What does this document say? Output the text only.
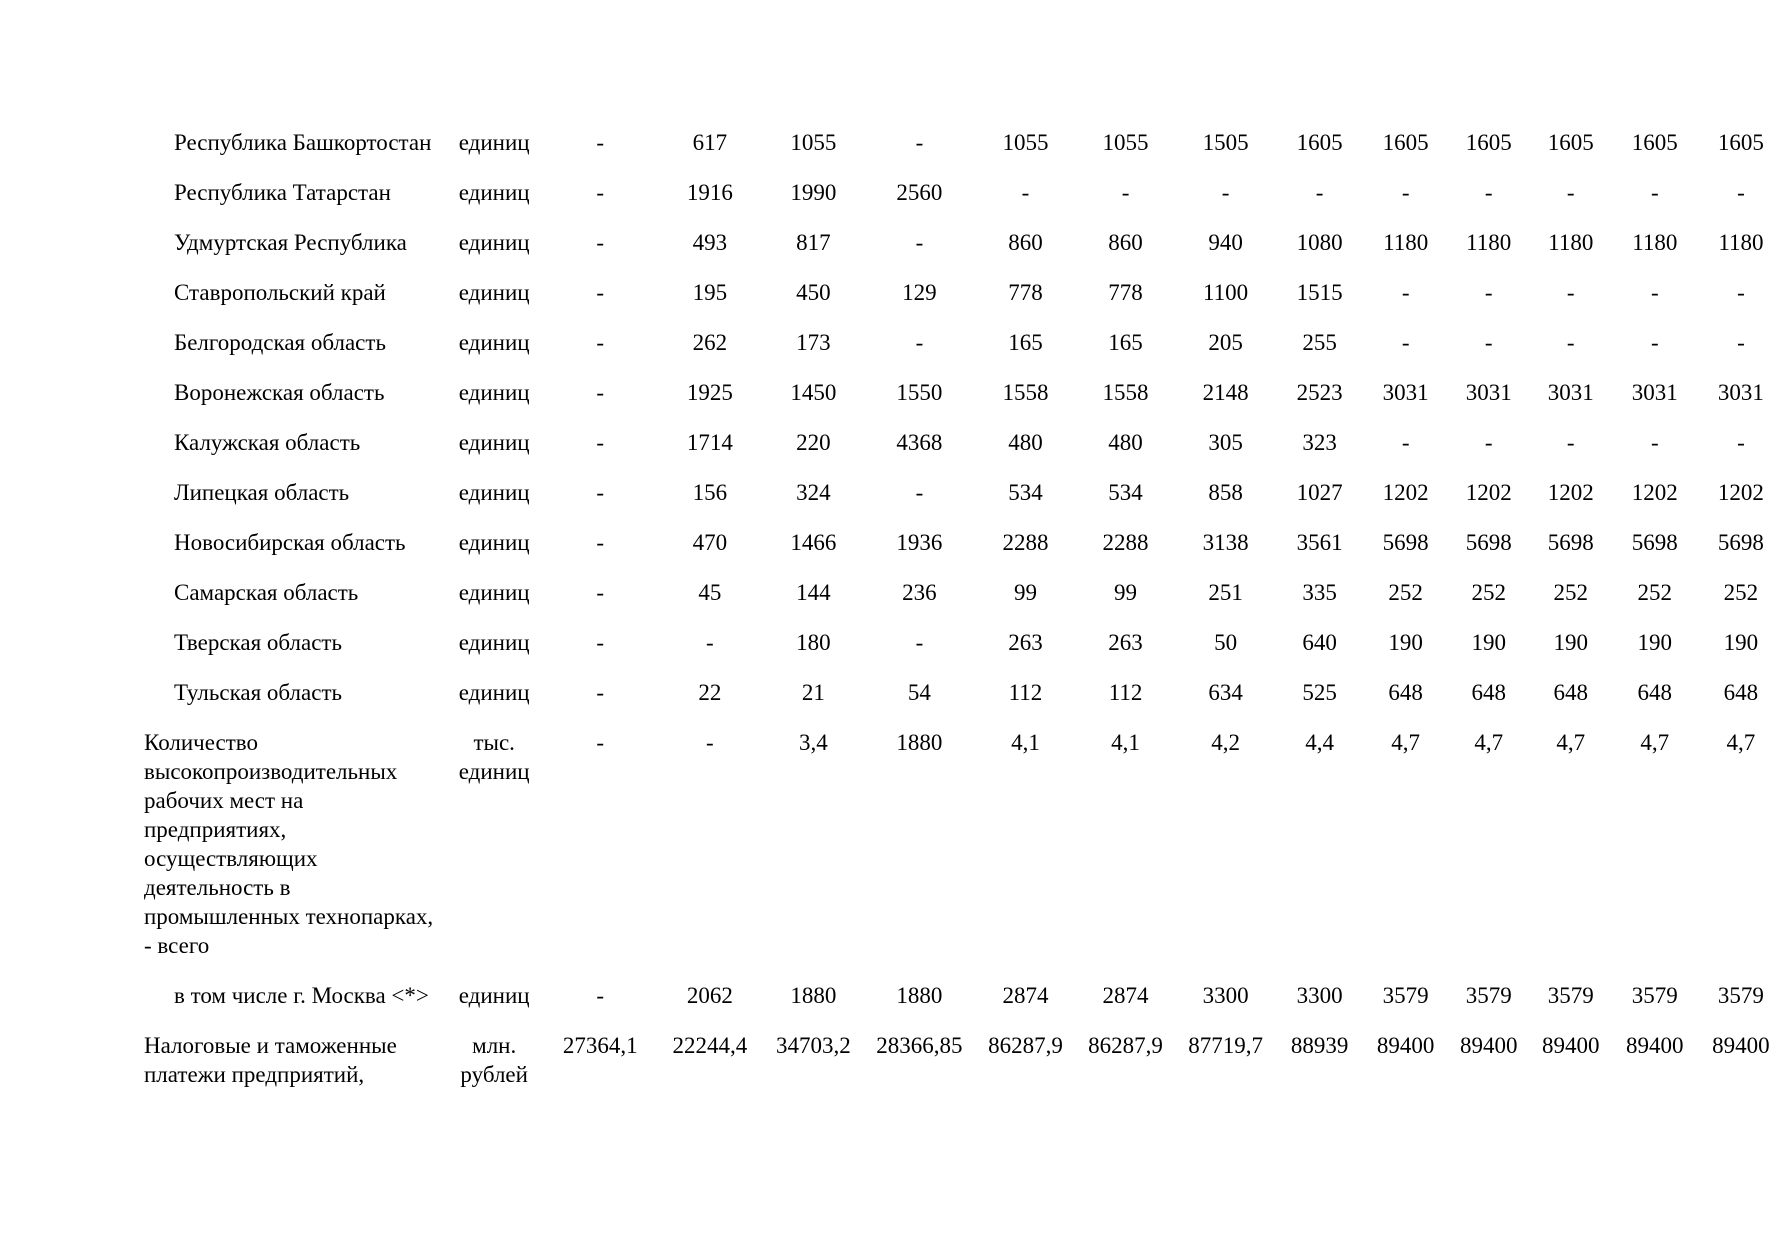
Республика Башкортостан	единиц	-	617	1055	-	1055	1055	1505	1605	1605	1605	1605	1605	1605
Республика Татарстан	единиц	-	1916	1990	2560	-	-	-	-	-	-	-	-	-
Удмуртская Республика	единиц	-	493	817	-	860	860	940	1080	1180	1180	1180	1180	1180
Ставропольский край	единиц	-	195	450	129	778	778	1100	1515	-	-	-	-	-
Белгородская область	единиц	-	262	173	-	165	165	205	255	-	-	-	-	-
Воронежская область	единиц	-	1925	1450	1550	1558	1558	2148	2523	3031	3031	3031	3031	3031
Калужская область	единиц	-	1714	220	4368	480	480	305	323	-	-	-	-	-
Липецкая область	единиц	-	156	324	-	534	534	858	1027	1202	1202	1202	1202	1202
Новосибирская область	единиц	-	470	1466	1936	2288	2288	3138	3561	5698	5698	5698	5698	5698
Самарская область	единиц	-	45	144	236	99	99	251	335	252	252	252	252	252
Тверская область	единиц	-	-	180	-	263	263	50	640	190	190	190	190	190
Тульская область	единиц	-	22	21	54	112	112	634	525	648	648	648	648	648
Количество высокопроизводительных рабочих мест на предприятиях, осуществляющих деятельность в промышленных технопарках, - всего	тыс. единиц	-	-	3,4	1880	4,1	4,1	4,2	4,4	4,7	4,7	4,7	4,7	4,7
в том числе г. Москва <*>	единиц	-	2062	1880	1880	2874	2874	3300	3300	3579	3579	3579	3579	3579
Налоговые и таможенные платежи предприятий,	млн. рублей	27364,1	22244,4	34703,2	28366,85	86287,9	86287,9	87719,7	88939	89400	89400	89400	89400	89400
